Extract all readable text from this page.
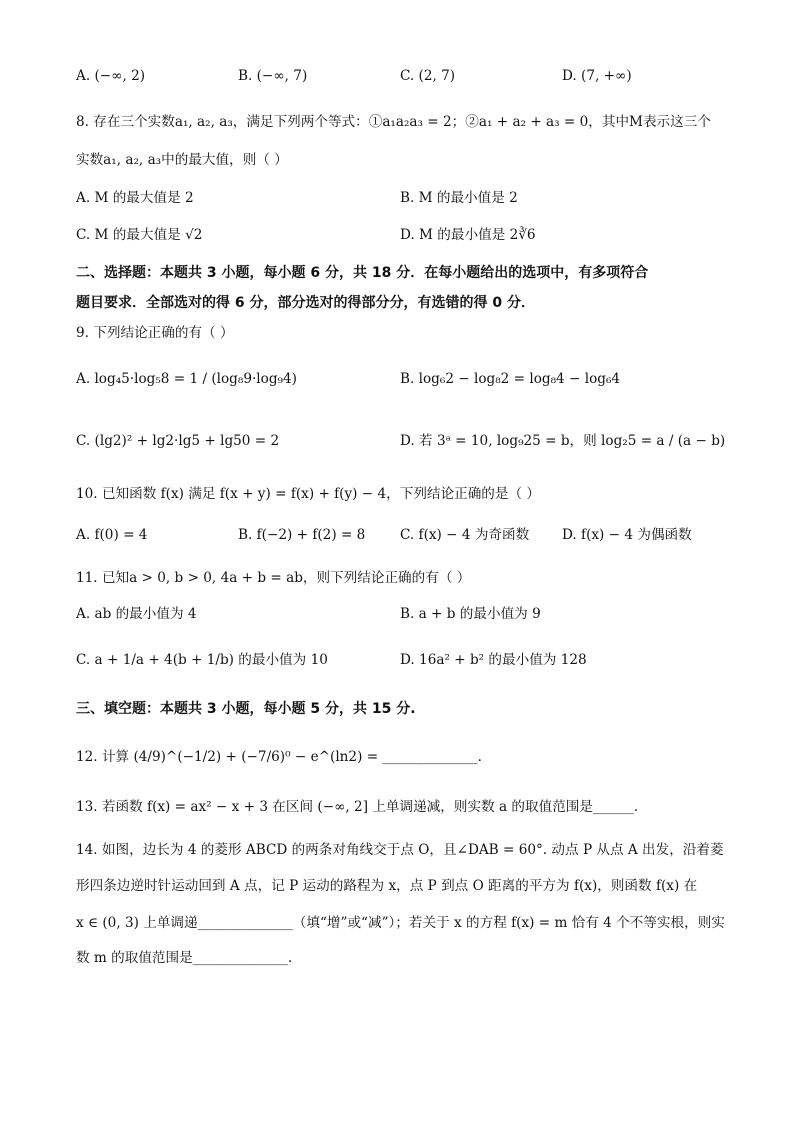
A. (−∞, 2)	B. (−∞, 7)	C. (2, 7)	D. (7, +∞)
8. 存在三个实数a₁, a₂, a₃，满足下列两个等式：①a₁a₂a₃ = 2；②a₁ + a₂ + a₃ = 0，其中M表示这三个
实数a₁, a₂, a₃中的最大值，则（ ）
A. M 的最大值是 2	B. M 的最小值是 2
C. M 的最大值是 √2	D. M 的最小值是 2∛6
二、选择题：本题共 3 小题，每小题 6 分，共 18 分．在每小题给出的选项中，有多项符合
题目要求．全部选对的得 6 分，部分选对的得部分分，有选错的得 0 分．
9. 下列结论正确的有（ ）
A. log₄5·log₅8 = 1 / (log₈9·log₉4)	B. log₆2 − log₈2 = log₈4 − log₆4
C. (lg2)² + lg2·lg5 + lg50 = 2	D. 若 3ᵃ = 10, log₉25 = b，则 log₂5 = a / (a − b)
10. 已知函数 f(x) 满足 f(x + y) = f(x) + f(y) − 4，下列结论正确的是（ ）
A. f(0) = 4	B. f(−2) + f(2) = 8	C. f(x) − 4 为奇函数 D. f(x) − 4 为偶函数
11. 已知a > 0, b > 0, 4a + b = ab，则下列结论正确的有（ ）
A. ab 的最小值为 4	B. a + b 的最小值为 9
C. a + 1/a + 4(b + 1/b) 的最小值为 10	D. 16a² + b² 的最小值为 128
三、填空题：本题共 3 小题，每小题 5 分，共 15 分.
12. 计算 (4/9)^(−1/2) + (−7/6)⁰ − e^(ln2) = ______________.
13. 若函数 f(x) = ax² − x + 3 在区间 (−∞, 2] 上单调递减，则实数 a 的取值范围是______.
14. 如图，边长为 4 的菱形 ABCD 的两条对角线交于点 O，且∠DAB = 60°. 动点 P 从点 A 出发，沿着菱
形四条边逆时针运动回到 A 点，记 P 运动的路程为 x，点 P 到点 O 距离的平方为 f(x)，则函数 f(x) 在
x ∈ (0, 3) 上单调递______________（填“增”或“减”）；若关于 x 的方程 f(x) = m 恰有 4 个不等实根，则实
数 m 的取值范围是______________.
